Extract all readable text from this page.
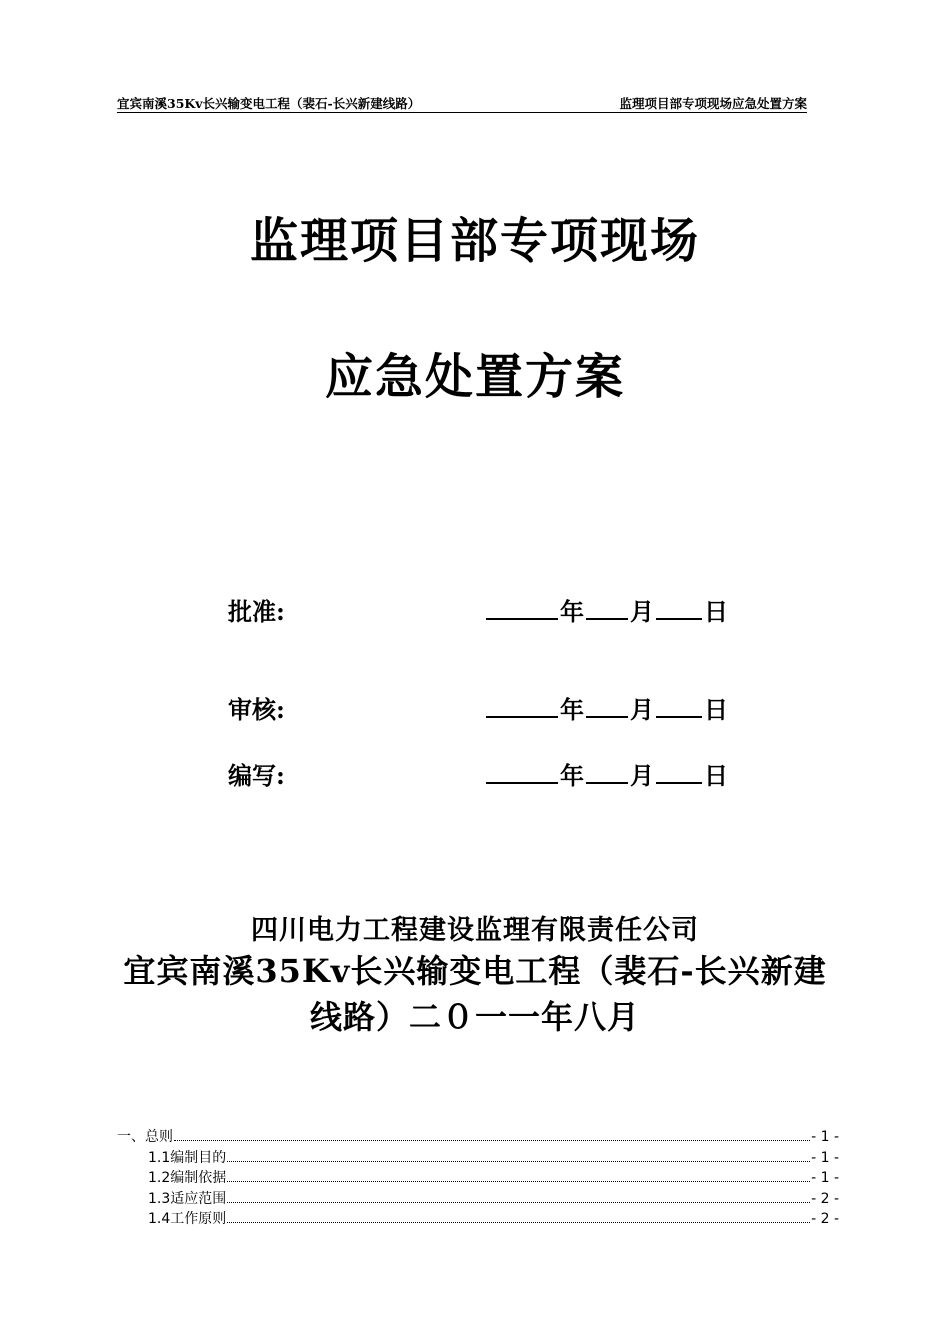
宜宾南溪35Kv长兴输变电工程（裴石-长兴新建线路）	监理项目部专项现场应急处置方案
监理项目部专项现场
应急处置方案
批准:	年 月 日
审核:	年 月 日
编写:	年 月 日
四川电力工程建设监理有限责任公司
宜宾南溪35Kv长兴输变电工程（裴石-长兴新建线路）二０一一年八月
一、总则	- 1 -
1.1编制目的	- 1 -
1.2编制依据	- 1 -
1.3适应范围	- 2 -
1.4工作原则	- 2 -
